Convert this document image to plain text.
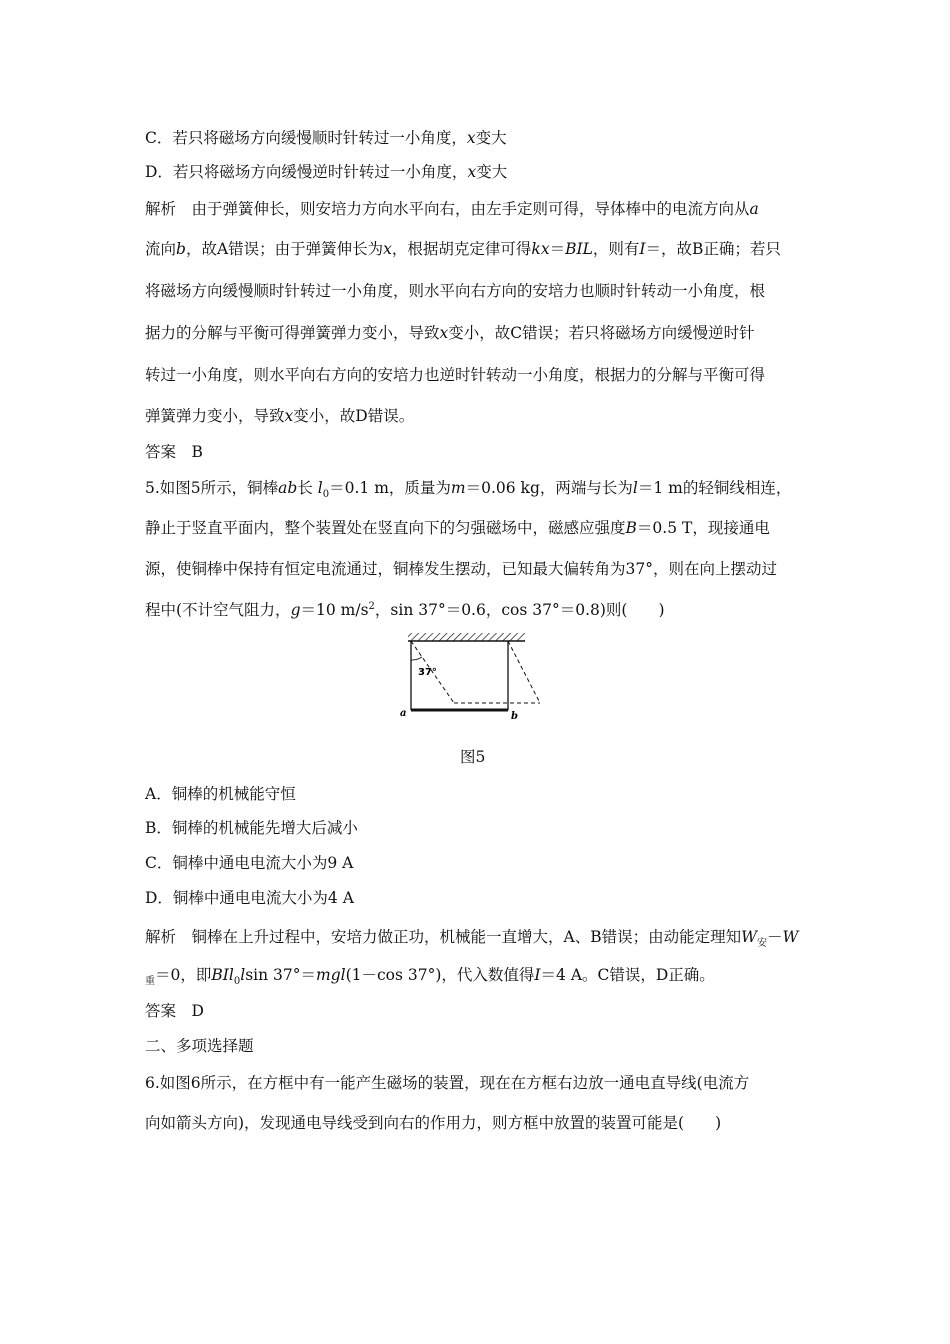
C．若只将磁场方向缓慢顺时针转过一小角度，x变大
D．若只将磁场方向缓慢逆时针转过一小角度，x变大
解析　由于弹簧伸长，则安培力方向水平向右，由左手定则可得，导体棒中的电流方向从a
流向b，故A错误；由于弹簧伸长为x，根据胡克定律可得kx＝BIL，则有I＝，故B正确；若只
将磁场方向缓慢顺时针转过一小角度，则水平向右方向的安培力也顺时针转动一小角度，根
据力的分解与平衡可得弹簧弹力变小，导致x变小，故C错误；若只将磁场方向缓慢逆时针
转过一小角度，则水平向右方向的安培力也逆时针转动一小角度，根据力的分解与平衡可得
弹簧弹力变小，导致x变小，故D错误。
答案　B
5.如图5所示，铜棒ab长 $l_0=0.1$ m，质量为m＝0.06 kg，两端与长为l＝1 m的轻铜线相连，
静止于竖直平面内，整个装置处在竖直向下的匀强磁场中，磁感应强度B＝0.5 T，现接通电
源，使铜棒中保持有恒定电流通过，铜棒发生摆动，已知最大偏转角为37°，则在向上摆动过
程中(不计空气阻力，g＝10 $m/s^2$，sin 37°＝0.6，cos 37°＝0.8)则(　　)
37°
a	b
图5
A．铜棒的机械能守恒
B．铜棒的机械能先增大后减小
C．铜棒中通电电流大小为9 A
D．铜棒中通电电流大小为4 A
解析　铜棒在上升过程中，安培力做正功，机械能一直增大，A、B错误；由动能定理知$W_安-W$
$_重$＝0，即BIl$_0$lsin 37°＝mgl(1－cos 37°)，代入数值得I＝4 A。C错误，D正确。
答案　D
二、多项选择题
6.如图6所示，在方框中有一能产生磁场的装置，现在在方框右边放一通电直导线(电流方
向如箭头方向)，发现通电导线受到向右的作用力，则方框中放置的装置可能是(　　)
